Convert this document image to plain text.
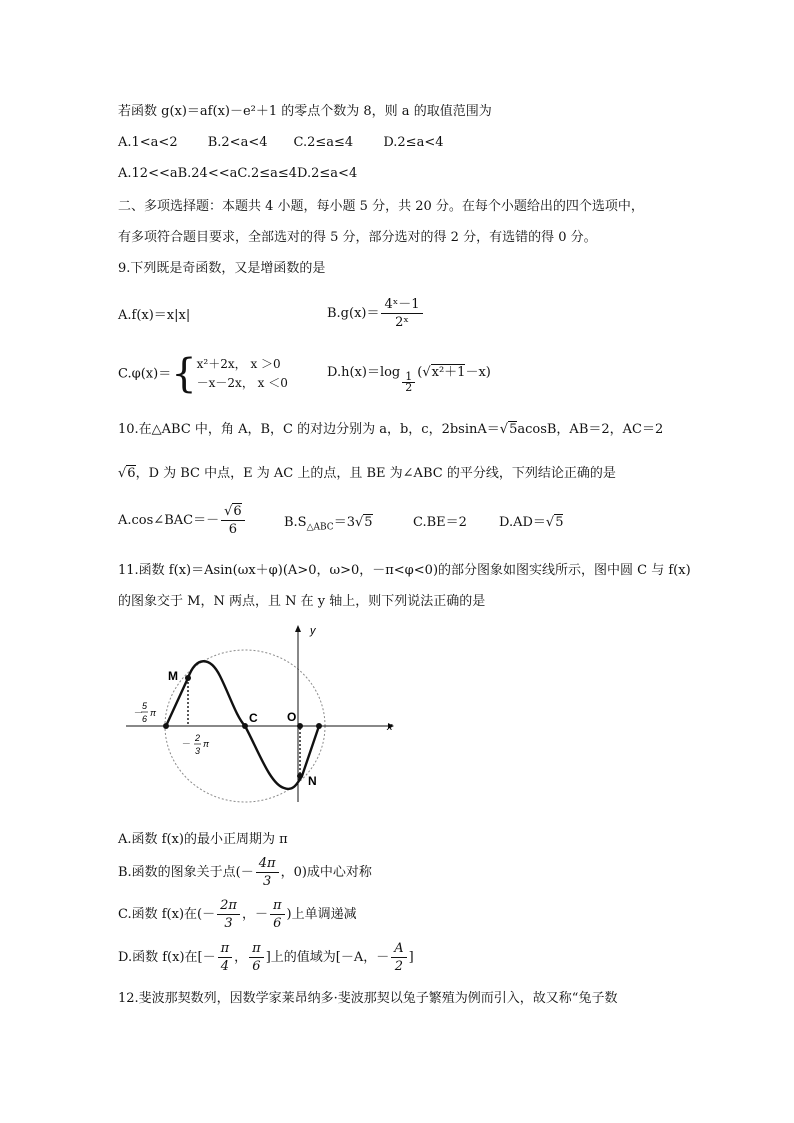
若函数 g(x)＝af(x)－e²＋1 的零点个数为 8，则 a 的取值范围为
A.1<a<2　　 B.2<a<4　　C.2≤a≤4　　 D.2≤a<4
A.12<<aB.24<<aC.2≤a≤4D.2≤a<4
二、多项选择题：本题共 4 小题，每小题 5 分，共 20 分。在每个小题给出的四个选项中，
有多项符合题目要求，全部选对的得 5 分，部分选对的得 2 分，有选错的得 0 分。
9.下列既是奇函数，又是增函数的是
A.f(x)＝x|x|	$B.g(x)= \frac{\text{4ˣ－1}}{\text{2ˣ}}$
C.φ(x)＝{ x²＋2x， x ＞0
－x－2x， x ＜0
$D.h(x)=\log \frac{1}{2} (√x^2+1-x)$
10.在△ABC 中，角 A，B，C 的对边分别为 a，b，c，2bsinA＝√5acosB，AB＝2，AC＝2
√6，D 为 BC 中点，E 为 AC 上的点，且 BE 为∠ABC 的平分线，下列结论正确的是
A.cos∠BAC＝－ $\frac{√6}{6}$	$B.S_{\triangle ABC}=3√5$	C.BE＝2 D.AD＝√5
11.函数 f(x)＝Asin(ωx＋φ)(A>0，ω>0，－π<φ<0)的部分图象如图实线所示，图中圆 C 与 f(x)
的图象交于 M，N 两点，且 N 在 y 轴上，则下列说法正确的是
y
x
M
C O
N
－
5
6
π
－
2
3
π
A.函数 f(x)的最小正周期为 π
B.函数的图象关于点(－ $\frac{4\pi}{3}$ ，0)成中心对称
C.函数 f(x)在(－ $\frac{2\pi}{3}$ ，－ $\frac{\pi}{6}$ )上单调递减
D.函数 f(x)在[－ $\frac{\pi}{4}$ ， $\frac{\pi}{6}$ ]上的值域为[－A，－ $\frac{A}{2}$ ]
12.斐波那契数列，因数学家莱昂纳多·斐波那契以兔子繁殖为例而引入，故又称“兔子数
